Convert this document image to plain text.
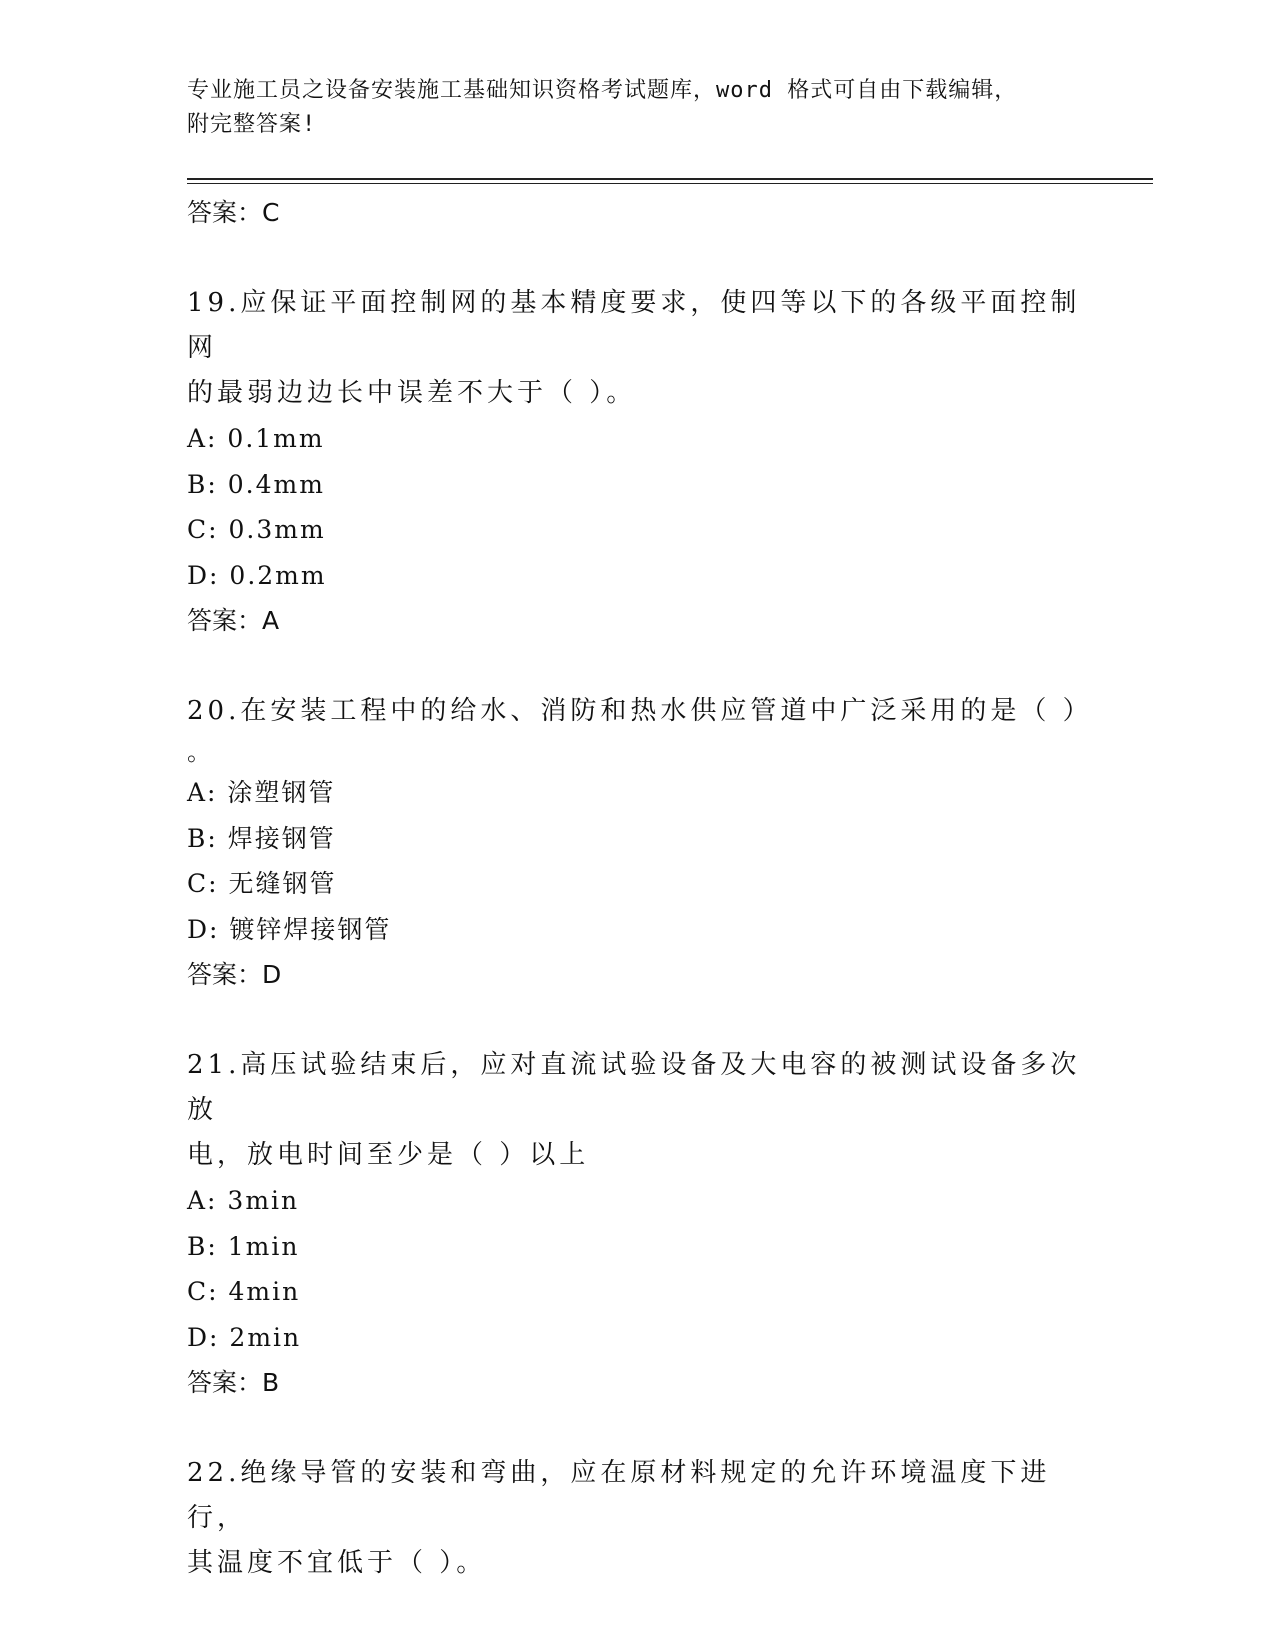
专业施工员之设备安装施工基础知识资格考试题库，word 格式可自由下载编辑，
附完整答案!

答案：C

19.应保证平面控制网的基本精度要求，使四等以下的各级平面控制网

的最弱边边长中误差不大于（ ）。

A: 0.1mm

B: 0.4mm

C: 0.3mm

D: 0.2mm

答案：A

20.在安装工程中的给水、消防和热水供应管道中广泛采用的是（ ）

。

A: 涂塑钢管

B: 焊接钢管

C: 无缝钢管

D: 镀锌焊接钢管

答案：D

21.高压试验结束后，应对直流试验设备及大电容的被测试设备多次放

电，放电时间至少是（ ）以上

A: 3min

B: 1min

C: 4min

D: 2min

答案：B

22.绝缘导管的安装和弯曲，应在原材料规定的允许环境温度下进行，

其温度不宜低于（ ）。
